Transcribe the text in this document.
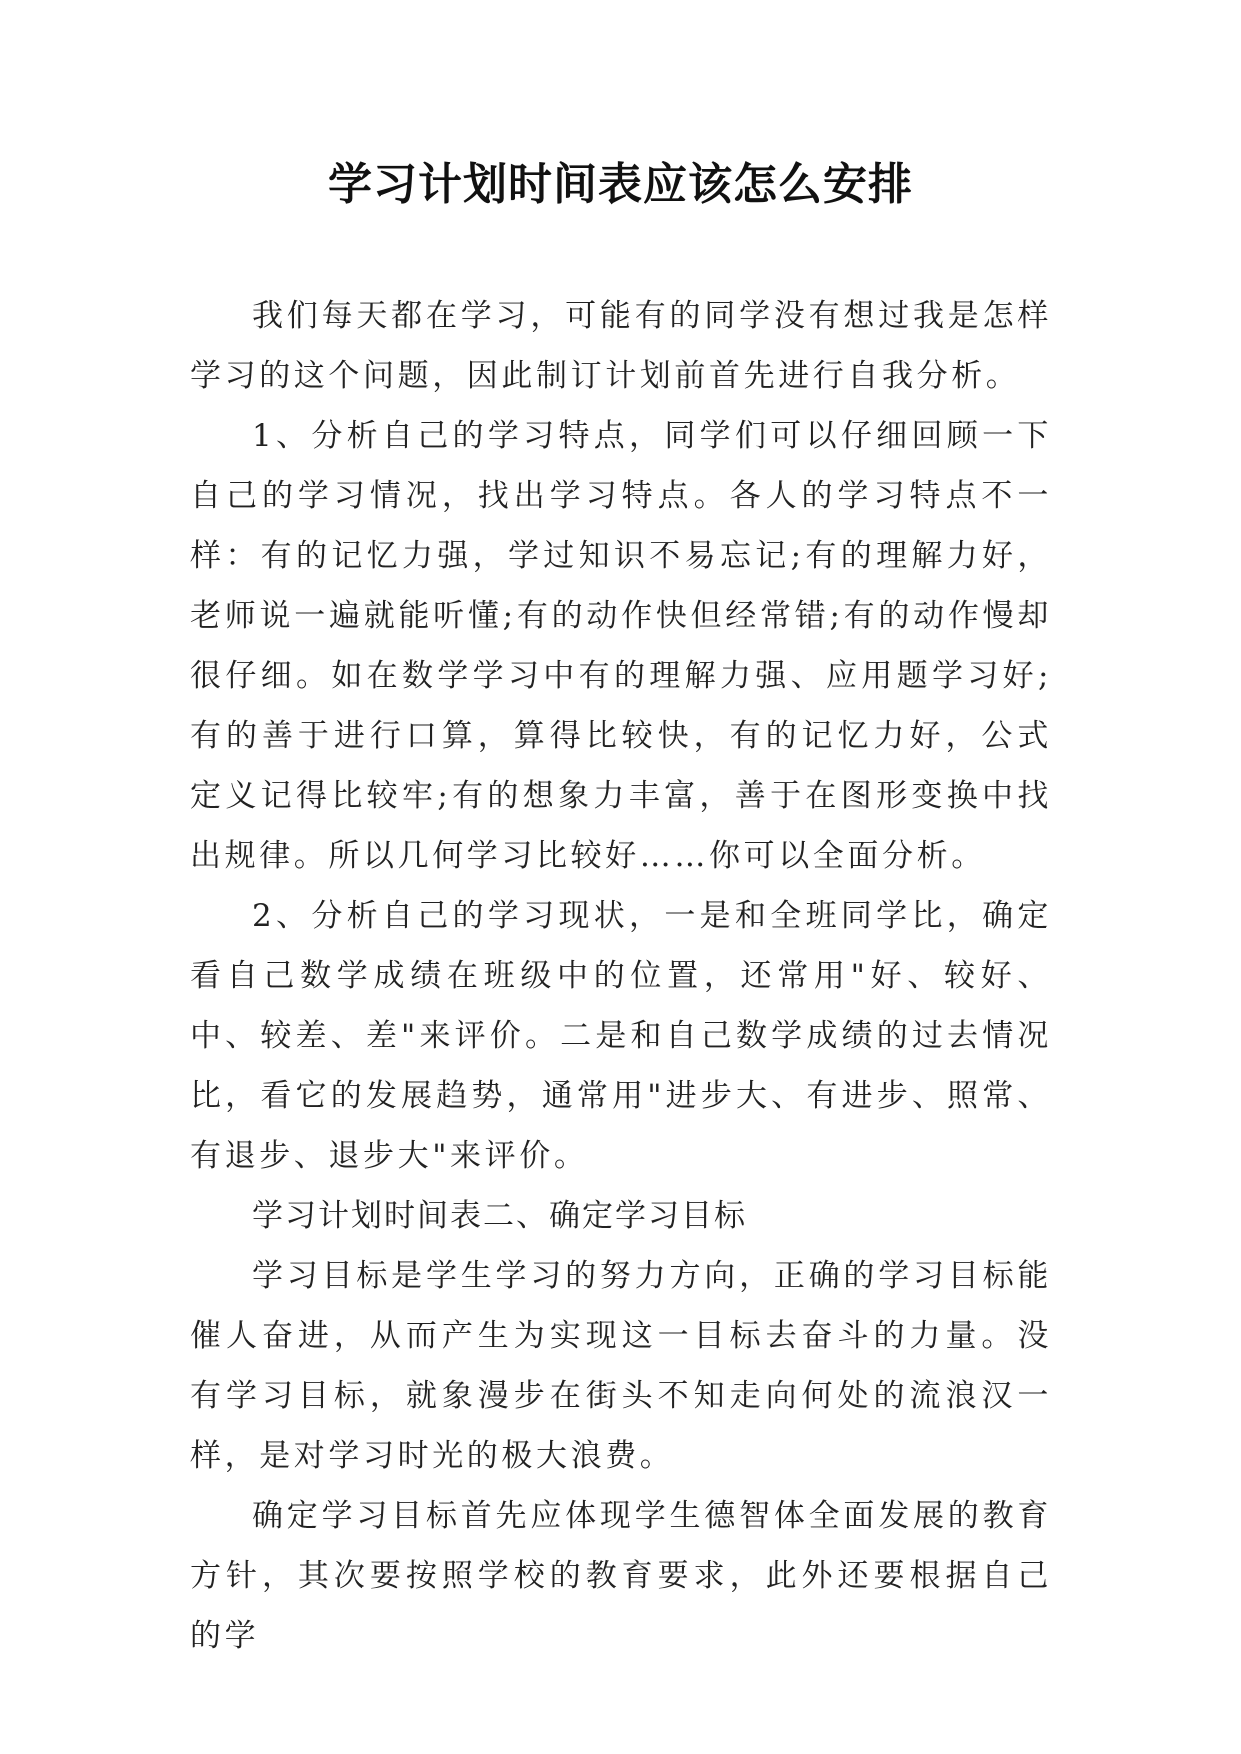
学习计划时间表应该怎么安排

我们每天都在学习，可能有的同学没有想过我是怎样学习的这个问题，因此制订计划前首先进行自我分析。

1、分析自己的学习特点，同学们可以仔细回顾一下自己的学习情况，找出学习特点。各人的学习特点不一样：有的记忆力强，学过知识不易忘记;有的理解力好，老师说一遍就能听懂;有的动作快但经常错;有的动作慢却很仔细。如在数学学习中有的理解力强、应用题学习好;有的善于进行口算，算得比较快，有的记忆力好，公式定义记得比较牢;有的想象力丰富，善于在图形变换中找出规律。所以几何学习比较好……你可以全面分析。

2、分析自己的学习现状，一是和全班同学比，确定看自己数学成绩在班级中的位置，还常用"好、较好、中、较差、差"来评价。二是和自己数学成绩的过去情况比，看它的发展趋势，通常用"进步大、有进步、照常、有退步、退步大"来评价。

学习计划时间表二、确定学习目标

学习目标是学生学习的努力方向，正确的学习目标能催人奋进，从而产生为实现这一目标去奋斗的力量。没有学习目标，就象漫步在街头不知走向何处的流浪汉一样，是对学习时光的极大浪费。

确定学习目标首先应体现学生德智体全面发展的教育方针，其次要按照学校的教育要求，此外还要根据自己的学
